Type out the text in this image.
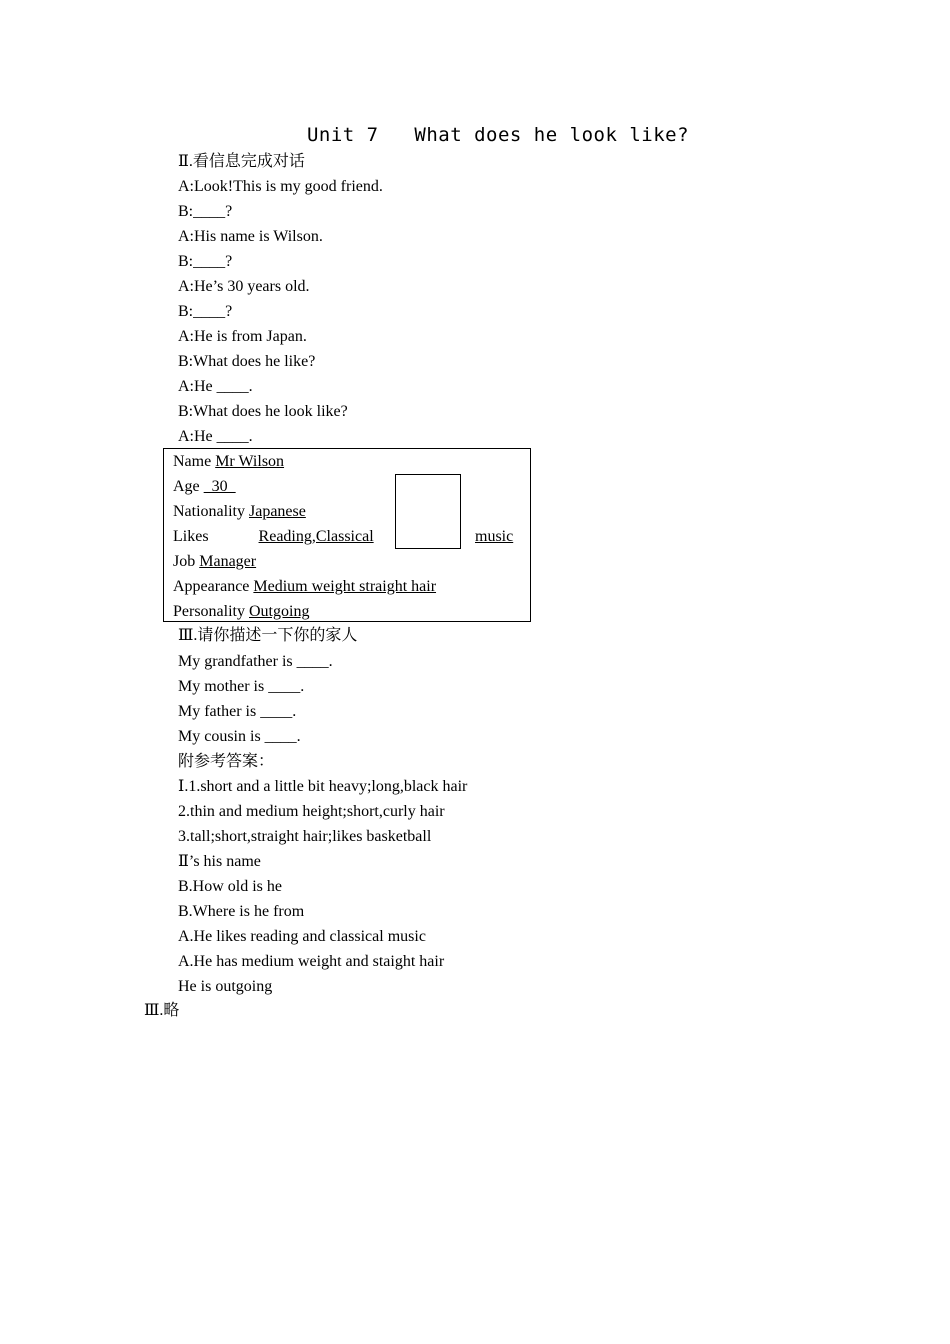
Unit 7   What does he look like?
Ⅱ.看信息完成对话
A:Look!This is my good friend.
B:____?
A:His name is Wilson.
B:____?
A:He’s 30 years old.
B:____?
A:He is from Japan.
B:What does he like?
A:He ____.
B:What does he look like?
A:He ____.
Name Mr Wilson
Age   30
Nationality Japanese
Likes	Reading,Classical	music
Job Manager
Appearance Medium weight straight hair
Personality Outgoing
Ⅲ.请你描述一下你的家人
My grandfather is ____.
My mother is ____.
My father is ____.
My cousin is ____.
附参考答案：
Ⅰ.1.short and a little bit heavy;long,black hair
2.thin and medium height;short,curly hair
3.tall;short,straight hair;likes basketball
Ⅱ’s his name
B.How old is he
B.Where is he from
A.He likes reading and classical music
A.He has medium weight and staight hair
He is outgoing
Ⅲ.略
